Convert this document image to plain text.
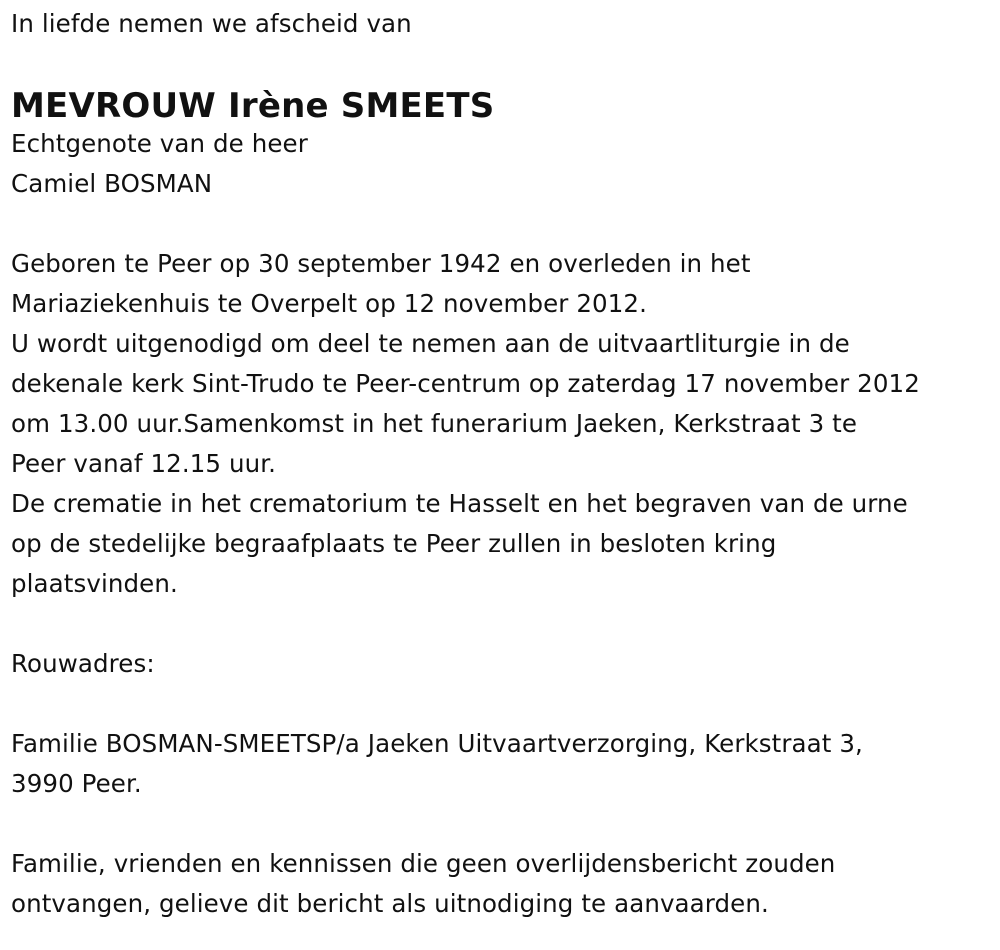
In liefde nemen we afscheid van
MEVROUW Irène SMEETS
Echtgenote van de heer
Camiel BOSMAN
Geboren te Peer op 30 september 1942 en overleden in het
Mariaziekenhuis te Overpelt op 12 november 2012.
U wordt uitgenodigd om deel te nemen aan de uitvaartliturgie in de
dekenale kerk Sint-Trudo te Peer-centrum op zaterdag 17 november 2012
om 13.00 uur.Samenkomst in het funerarium Jaeken, Kerkstraat 3 te
Peer vanaf 12.15 uur.
De crematie in het crematorium te Hasselt en het begraven van de urne
op de stedelijke begraafplaats te Peer zullen in besloten kring
plaatsvinden.
Rouwadres:
Familie BOSMAN-SMEETSP/a Jaeken Uitvaartverzorging, Kerkstraat 3,
3990 Peer.
Familie, vrienden en kennissen die geen overlijdensbericht zouden
ontvangen, gelieve dit bericht als uitnodiging te aanvaarden.
